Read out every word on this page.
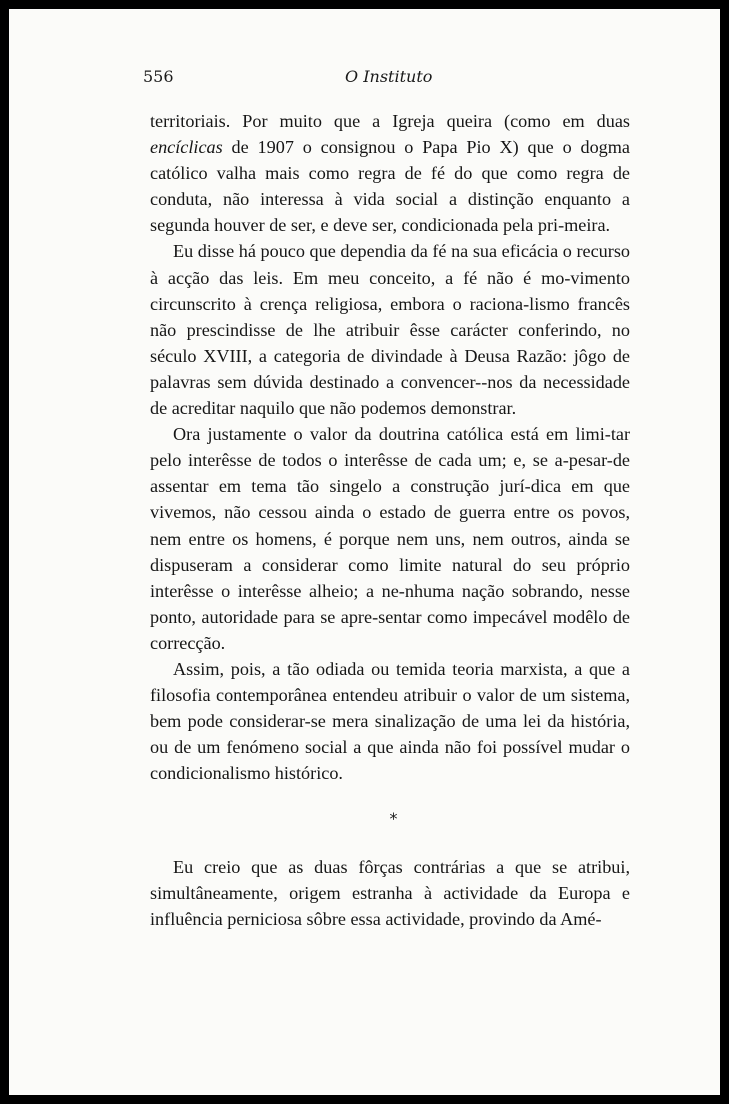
556	O Instituto

territoriais. Por muito que a Igreja queira (como em duas encíclicas de 1907 o consignou o Papa Pio X) que o dogma católico valha mais como regra de fé do que como regra de conduta, não interessa à vida social a distinção enquanto a segunda houver de ser, e deve ser, condicionada pela pri-meira.

Eu disse há pouco que dependia da fé na sua eficácia o recurso à acção das leis. Em meu conceito, a fé não é mo-vimento circunscrito à crença religiosa, embora o raciona-lismo francês não prescindisse de lhe atribuir êsse carácter conferindo, no século XVIII, a categoria de divindade à Deusa Razão: jôgo de palavras sem dúvida destinado a convencer--nos da necessidade de acreditar naquilo que não podemos demonstrar.

Ora justamente o valor da doutrina católica está em limi-tar pelo interêsse de todos o interêsse de cada um; e, se a-pesar-de assentar em tema tão singelo a construção jurí-dica em que vivemos, não cessou ainda o estado de guerra entre os povos, nem entre os homens, é porque nem uns, nem outros, ainda se dispuseram a considerar como limite natural do seu próprio interêsse o interêsse alheio; a ne-nhuma nação sobrando, nesse ponto, autoridade para se apre-sentar como impecável modêlo de correcção.

Assim, pois, a tão odiada ou temida teoria marxista, a que a filosofia contemporânea entendeu atribuir o valor de um sistema, bem pode considerar-se mera sinalização de uma lei da história, ou de um fenómeno social a que ainda não foi possível mudar o condicionalismo histórico.

*

Eu creio que as duas fôrças contrárias a que se atribui, simultâneamente, origem estranha à actividade da Europa e influência perniciosa sôbre essa actividade, provindo da Amé-
